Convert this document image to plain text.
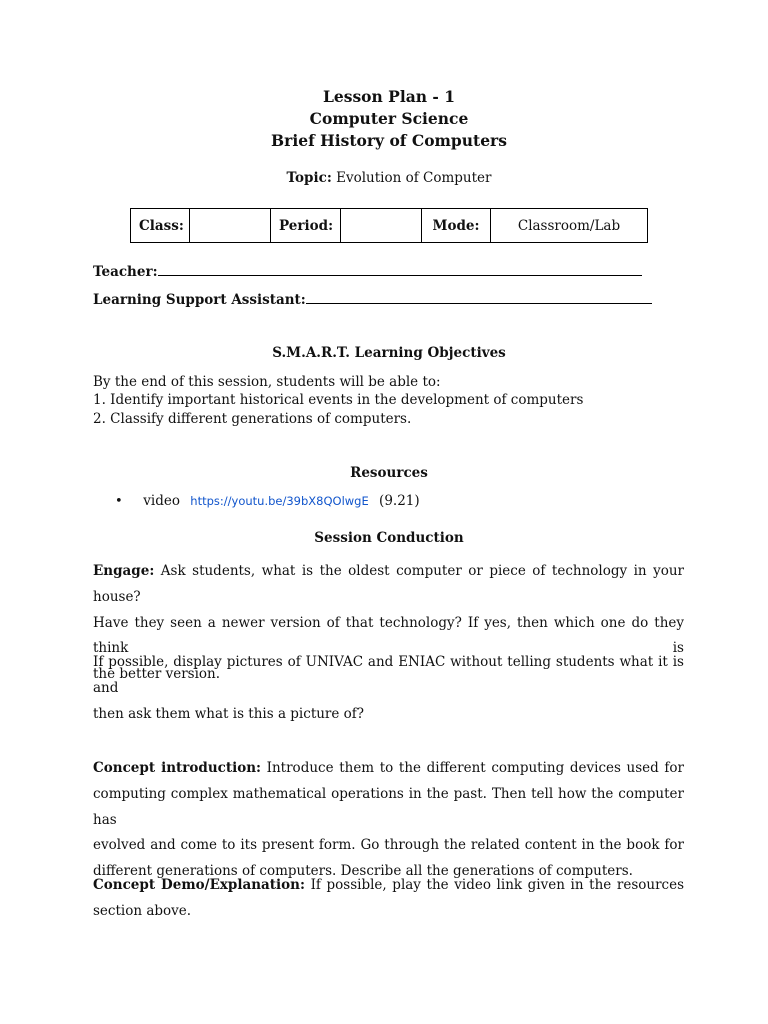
Lesson Plan - 1
Computer Science
Brief History of Computers
Topic: Evolution of Computer
Class:		Period:		Mode:	Classroom/Lab
Teacher:
Learning Support Assistant:
S.M.A.R.T. Learning Objectives
By the end of this session, students will be able to:
1. Identify important historical events in the development of computers
2. Classify different generations of computers.
Resources
• video https://youtu.be/39bX8QOlwgE (9.21)
Session Conduction
Engage: Ask students, what is the oldest computer or piece of technology in your house?
Have they seen a newer version of that technology? If yes, then which one do they think is
the better version.
If possible, display pictures of UNIVAC and ENIAC without telling students what it is and
then ask them what is this a picture of?
Concept introduction: Introduce them to the different computing devices used for
computing complex mathematical operations in the past. Then tell how the computer has
evolved and come to its present form. Go through the related content in the book for
different generations of computers. Describe all the generations of computers.
Concept Demo/Explanation: If possible, play the video link given in the resources
section above.
